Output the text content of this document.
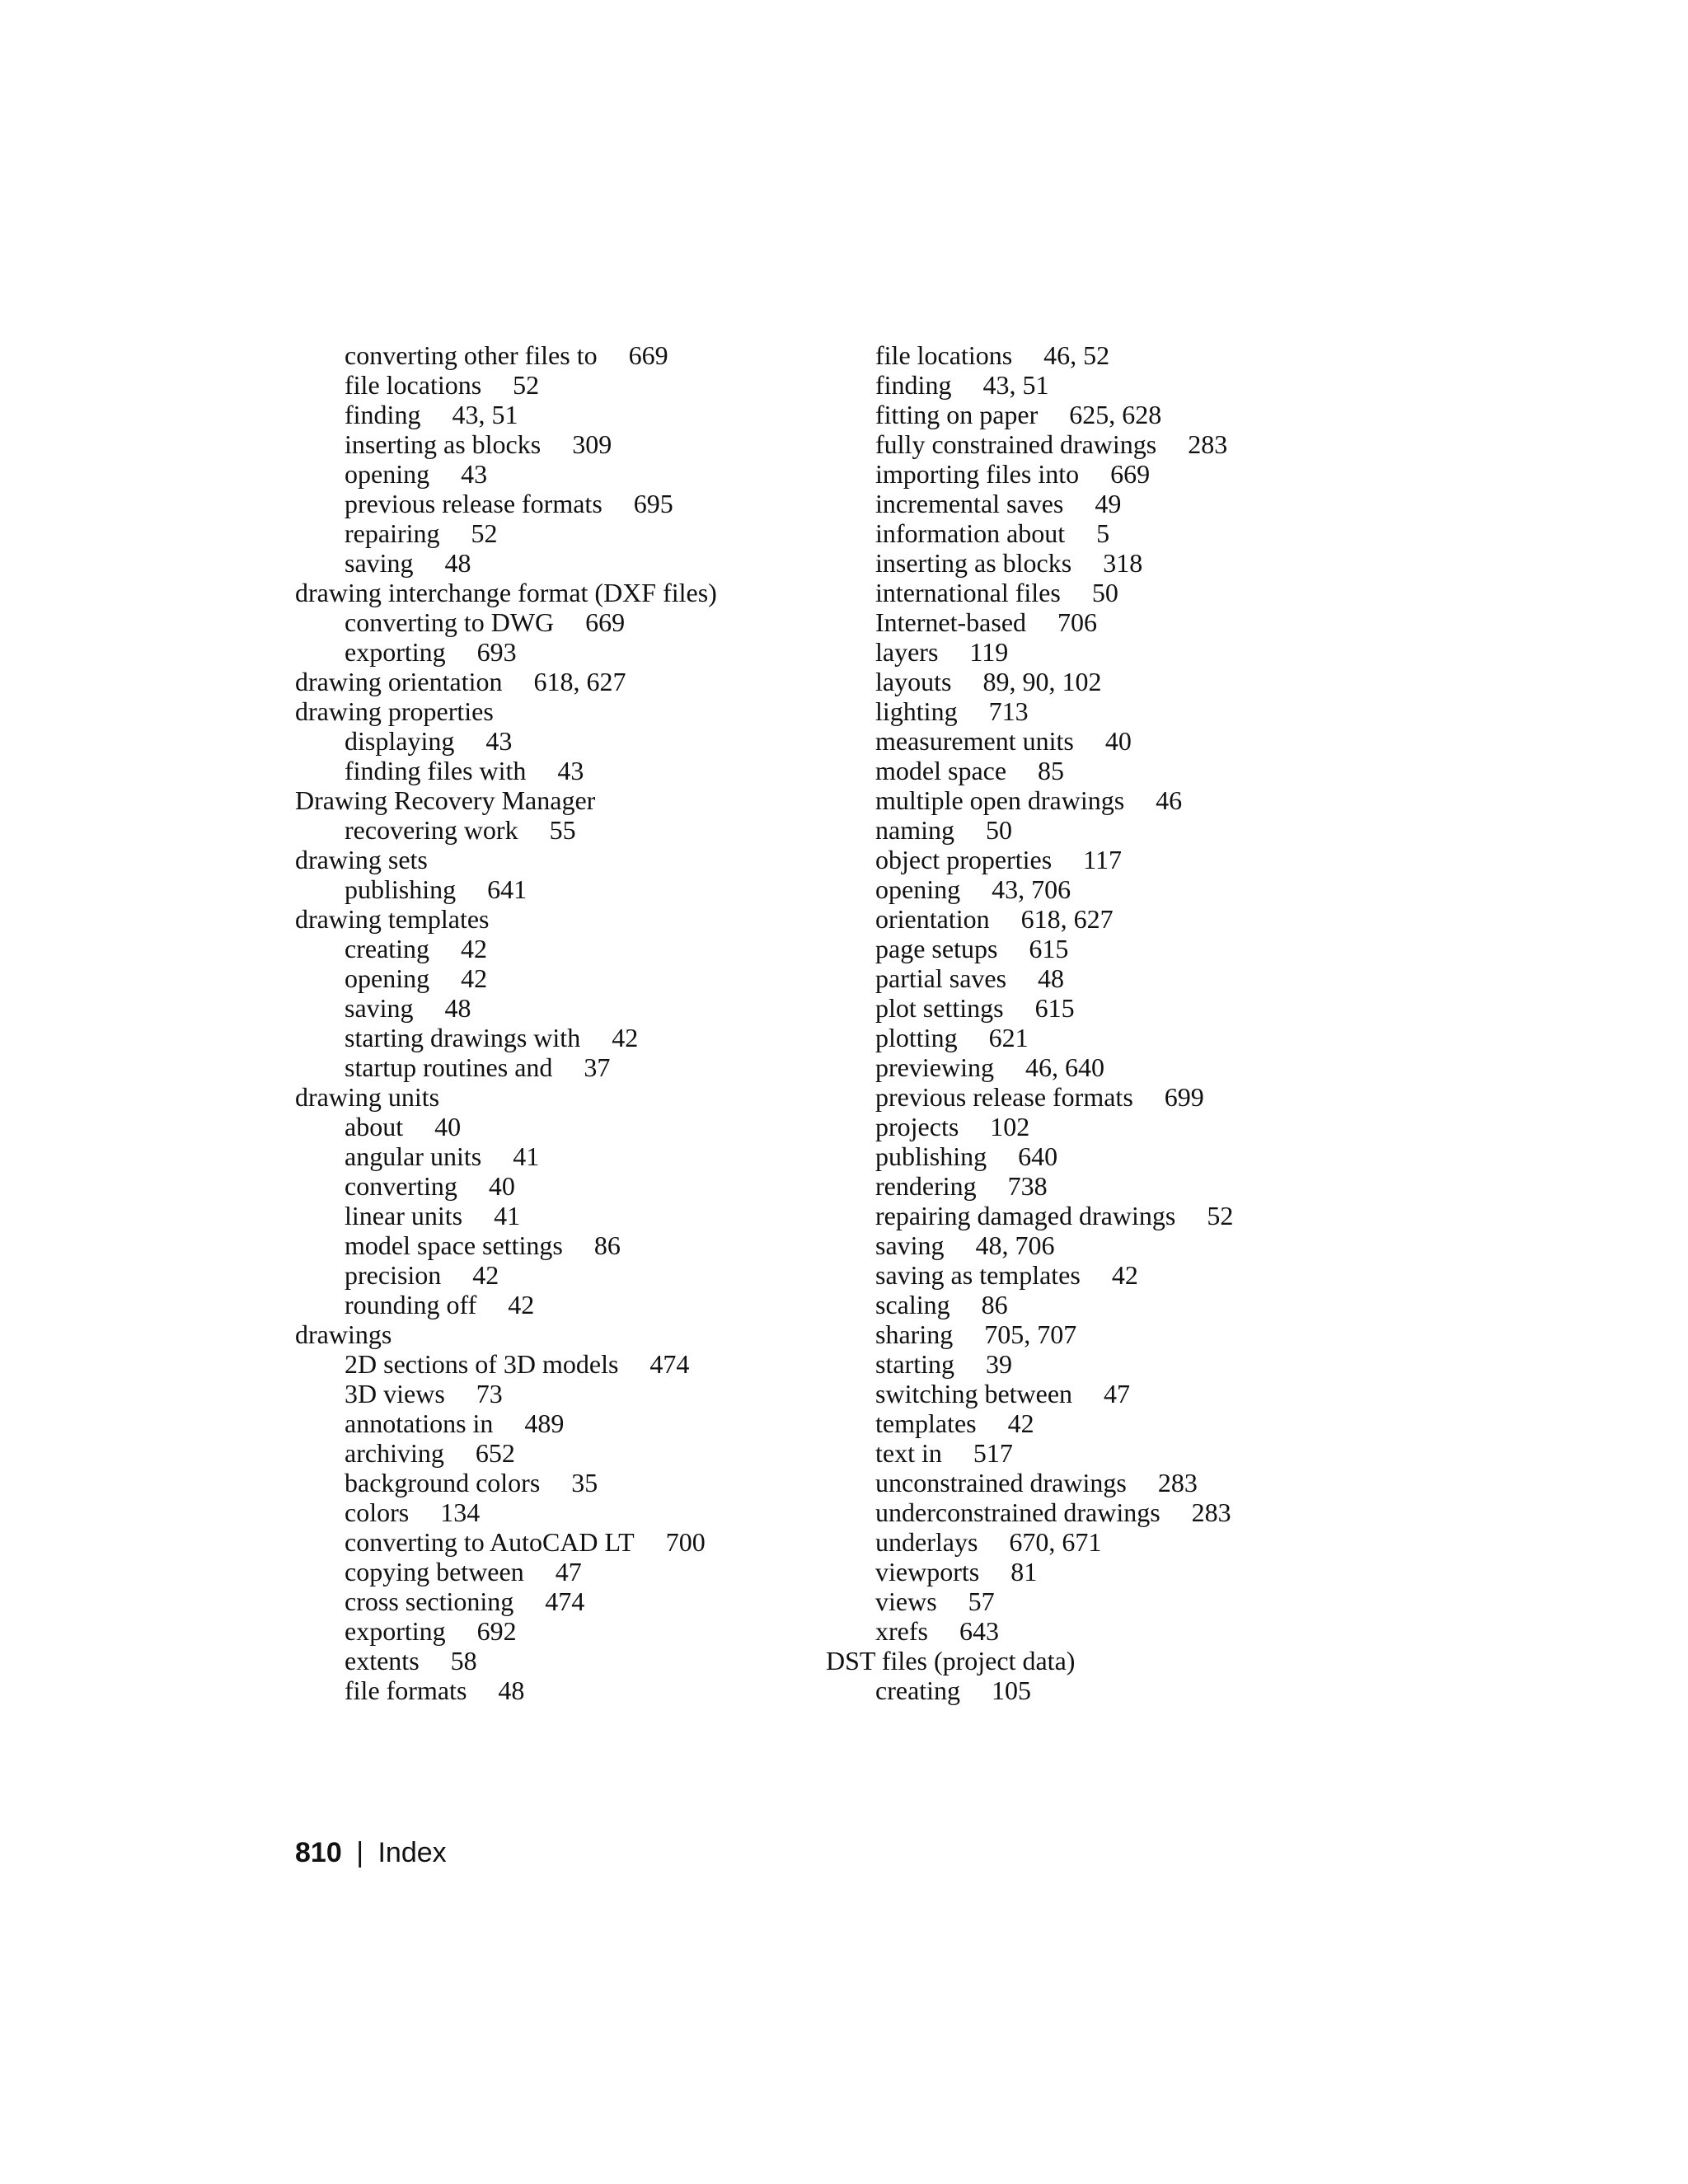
converting other files to 669
file locations 52
finding 43, 51
inserting as blocks 309
opening 43
previous release formats 695
repairing 52
saving 48
drawing interchange format (DXF files)
converting to DWG 669
exporting 693
drawing orientation 618, 627
drawing properties
displaying 43
finding files with 43
Drawing Recovery Manager
recovering work 55
drawing sets
publishing 641
drawing templates
creating 42
opening 42
saving 48
starting drawings with 42
startup routines and 37
drawing units
about 40
angular units 41
converting 40
linear units 41
model space settings 86
precision 42
rounding off 42
drawings
2D sections of 3D models 474
3D views 73
annotations in 489
archiving 652
background colors 35
colors 134
converting to AutoCAD LT 700
copying between 47
cross sectioning 474
exporting 692
extents 58
file formats 48
file locations 46, 52
finding 43, 51
fitting on paper 625, 628
fully constrained drawings 283
importing files into 669
incremental saves 49
information about 5
inserting as blocks 318
international files 50
Internet-based 706
layers 119
layouts 89, 90, 102
lighting 713
measurement units 40
model space 85
multiple open drawings 46
naming 50
object properties 117
opening 43, 706
orientation 618, 627
page setups 615
partial saves 48
plot settings 615
plotting 621
previewing 46, 640
previous release formats 699
projects 102
publishing 640
rendering 738
repairing damaged drawings 52
saving 48, 706
saving as templates 42
scaling 86
sharing 705, 707
starting 39
switching between 47
templates 42
text in 517
unconstrained drawings 283
underconstrained drawings 283
underlays 670, 671
viewports 81
views 57
xrefs 643
DST files (project data)
creating 105
810 | Index
